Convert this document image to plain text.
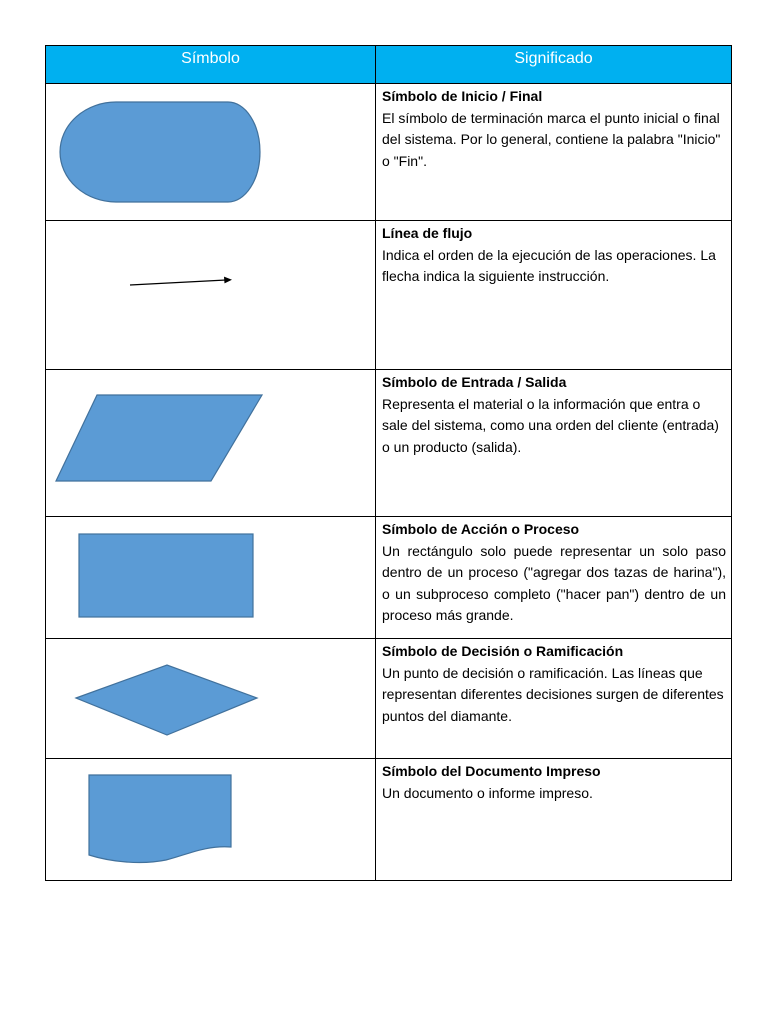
Símbolo	Significado

Símbolo de Inicio / Final
El símbolo de terminación marca el punto inicial o final del sistema. Por lo general, contiene la palabra "Inicio" o "Fin".

Línea de flujo
Indica el orden de la ejecución de las operaciones. La flecha indica la siguiente instrucción.

Símbolo de Entrada / Salida
Representa el material o la información que entra o sale del sistema, como una orden del cliente (entrada) o un producto (salida).

Símbolo de Acción o Proceso
Un rectángulo solo puede representar un solo paso dentro de un proceso ("agregar dos tazas de harina"), o un subproceso completo ("hacer pan") dentro de un proceso más grande.

Símbolo de Decisión o Ramificación
Un punto de decisión o ramificación. Las líneas que representan diferentes decisiones surgen de diferentes puntos del diamante.

Símbolo del Documento Impreso
Un documento o informe impreso.
